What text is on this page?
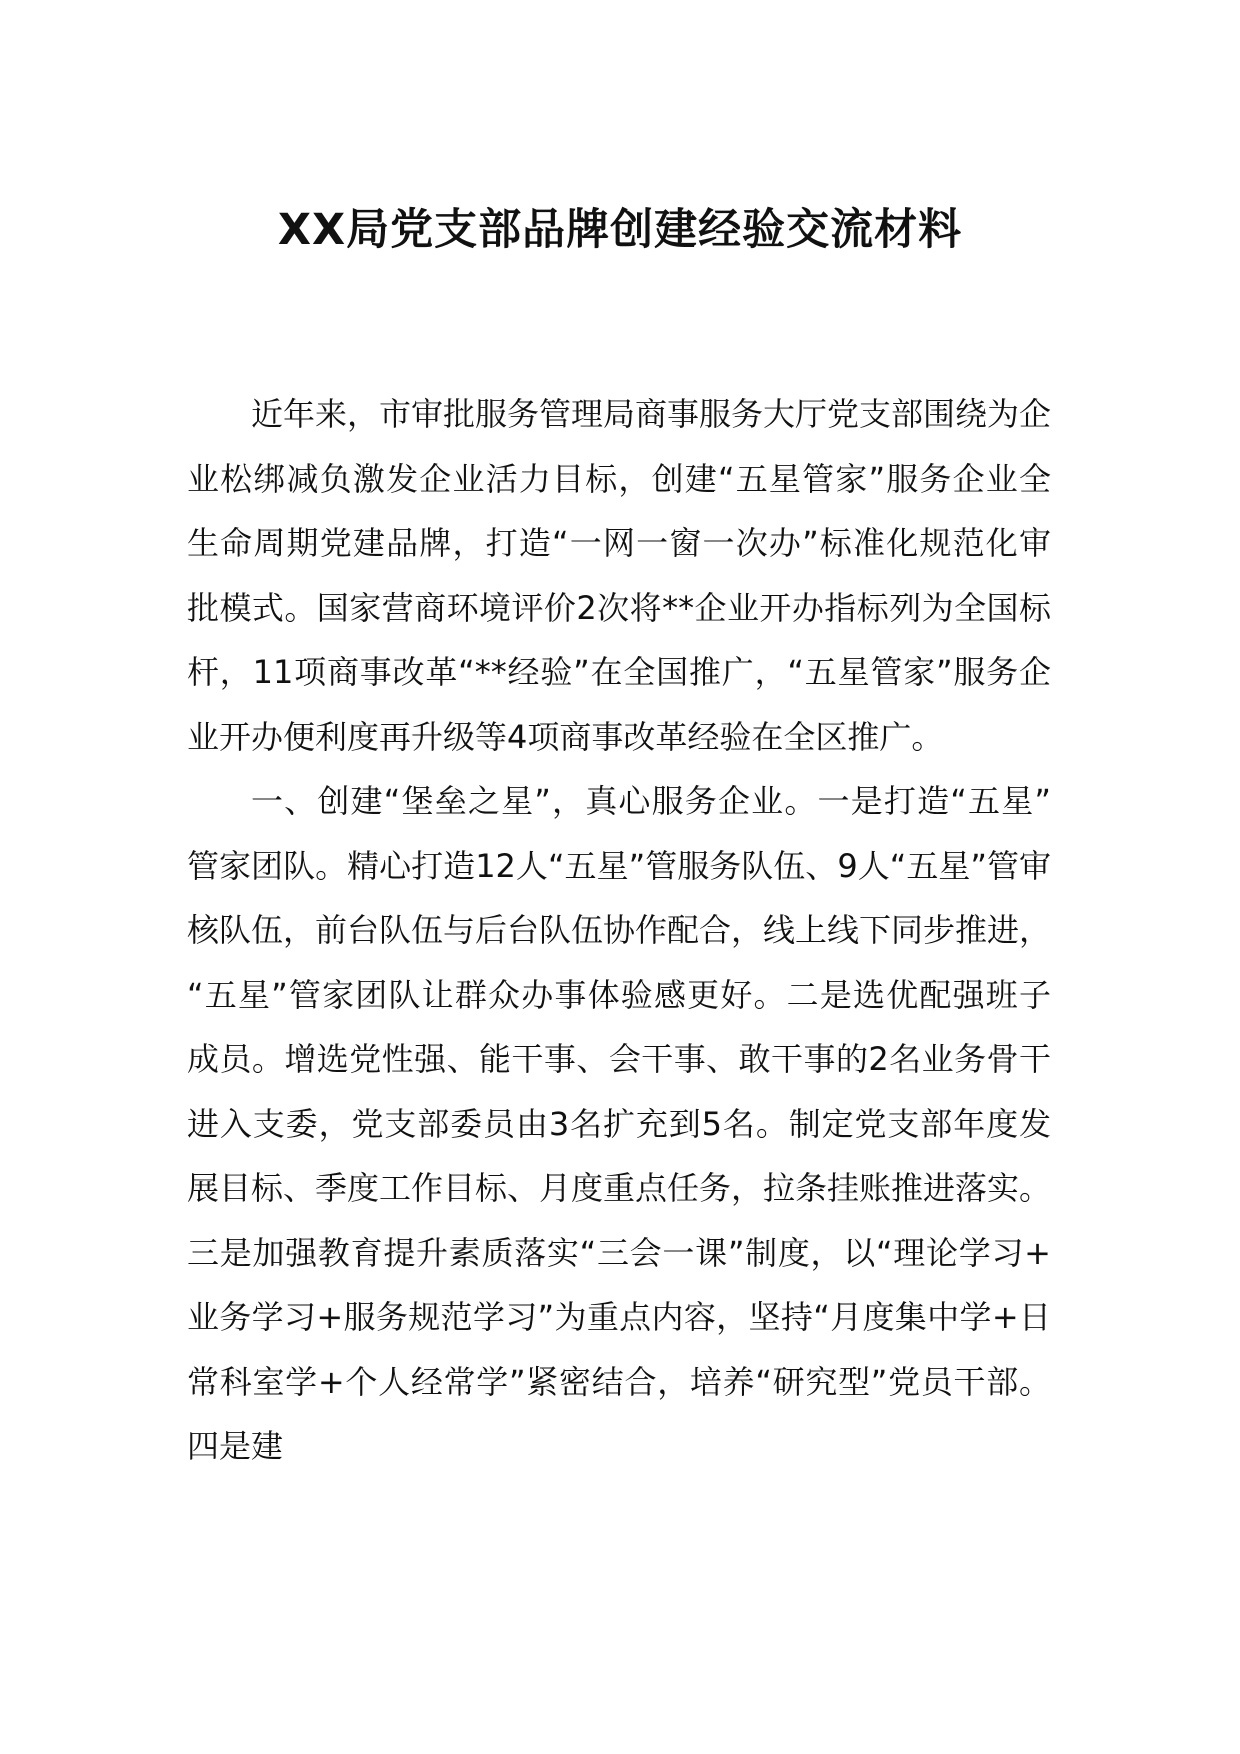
XX局党支部品牌创建经验交流材料

近年来，市审批服务管理局商事服务大厅党支部围绕为企业松绑减负激发企业活力目标，创建“五星管家”服务企业全生命周期党建品牌，打造“一网一窗一次办”标准化规范化审批模式。国家营商环境评价2次将**企业开办指标列为全国标杆，11项商事改革“**经验”在全国推广，“五星管家”服务企业开办便利度再升级等4项商事改革经验在全区推广。

一、创建“堡垒之星”，真心服务企业。一是打造“五星”管家团队。精心打造12人“五星”管服务队伍、9人“五星”管审核队伍，前台队伍与后台队伍协作配合，线上线下同步推进，“五星”管家团队让群众办事体验感更好。二是选优配强班子成员。增选党性强、能干事、会干事、敢干事的2名业务骨干进入支委，党支部委员由3名扩充到5名。制定党支部年度发展目标、季度工作目标、月度重点任务，拉条挂账推进落实。三是加强教育提升素质落实“三会一课”制度，以“理论学习+业务学习+服务规范学习”为重点内容，坚持“月度集中学+日常科室学+个人经常学”紧密结合，培养“研究型”党员干部。四是建
